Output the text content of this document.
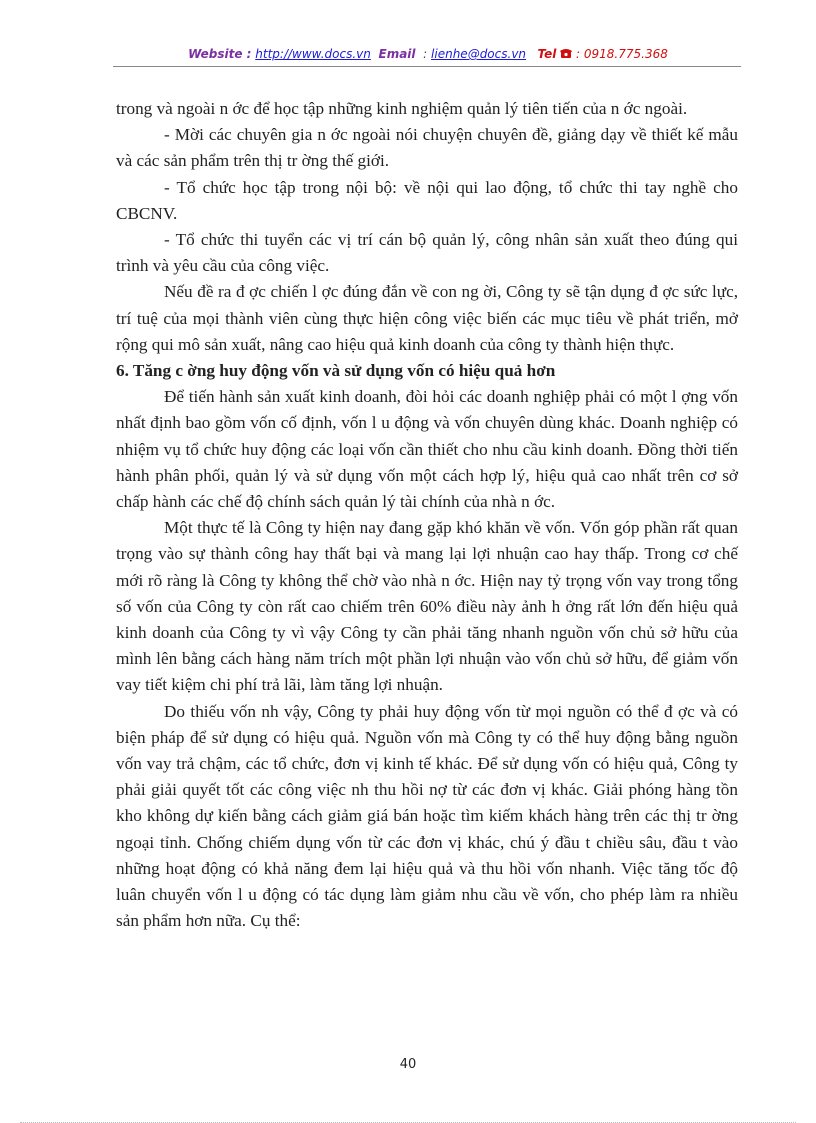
Website : http://www.docs.vn Email : lienhe@docs.vn Tel : 0918.775.368

trong và ngoài n ớc để học tập những kinh nghiệm quản lý tiên tiến của n ớc ngoài.

- Mời các chuyên gia n ớc ngoài nói chuyện chuyên đề, giảng dạy về thiết kế mẫu và các sản phẩm trên thị tr ờng thế giới.

- Tổ chức học tập trong nội bộ: về nội qui lao động, tổ chức thi tay nghề cho CBCNV.

- Tổ chức thi tuyển các vị trí cán bộ quản lý, công nhân sản xuất theo đúng qui trình và yêu cầu của công việc.

Nếu đề ra đ ợc chiến l ợc đúng đắn về con ng ời, Công ty sẽ tận dụng đ ợc sức lực, trí tuệ của mọi thành viên cùng thực hiện công việc biến các mục tiêu về phát triển, mở rộng qui mô sản xuất, nâng cao hiệu quả kinh doanh của công ty thành hiện thực.

6. Tăng c ờng huy động vốn và sử dụng vốn có hiệu quả hơn

Để tiến hành sản xuất kinh doanh, đòi hỏi các doanh nghiệp phải có một l ợng vốn nhất định bao gồm vốn cố định, vốn l u động và vốn chuyên dùng khác. Doanh nghiệp có nhiệm vụ tổ chức huy động các loại vốn cần thiết cho nhu cầu kinh doanh. Đồng thời tiến hành phân phối, quản lý và sử dụng vốn một cách hợp lý, hiệu quả cao nhất trên cơ sở chấp hành các chế độ chính sách quản lý tài chính của nhà n ớc.

Một thực tế là Công ty hiện nay đang gặp khó khăn về vốn. Vốn góp phần rất quan trọng vào sự thành công hay thất bại và mang lại lợi nhuận cao hay thấp. Trong cơ chế mới rõ ràng là Công ty không thể chờ vào nhà n ớc. Hiện nay tỷ trọng vốn vay trong tổng số vốn của Công ty còn rất cao chiếm trên 60% điều này ảnh h ởng rất lớn đến hiệu quả kinh doanh của Công ty vì vậy Công ty cần phải tăng nhanh nguồn vốn chủ sở hữu của mình lên bằng cách hàng năm trích một phần lợi nhuận vào vốn chủ sở hữu, để giảm vốn vay tiết kiệm chi phí trả lãi, làm tăng lợi nhuận.

Do thiếu vốn nh vậy, Công ty phải huy động vốn từ mọi nguồn có thể đ ợc và có biện pháp để sử dụng có hiệu quả. Nguồn vốn mà Công ty có thể huy động bằng nguồn vốn vay trả chậm, các tổ chức, đơn vị kinh tế khác. Để sử dụng vốn có hiệu quả, Công ty phải giải quyết tốt các công việc nh thu hồi nợ từ các đơn vị khác. Giải phóng hàng tồn kho không dự kiến bằng cách giảm giá bán hoặc tìm kiếm khách hàng trên các thị tr ờng ngoại tỉnh. Chống chiếm dụng vốn từ các đơn vị khác, chú ý đầu t chiều sâu, đầu t vào những hoạt động có khả năng đem lại hiệu quả và thu hồi vốn nhanh. Việc tăng tốc độ luân chuyển vốn l u động có tác dụng làm giảm nhu cầu về vốn, cho phép làm ra nhiều sản phẩm hơn nữa. Cụ thể:

40
